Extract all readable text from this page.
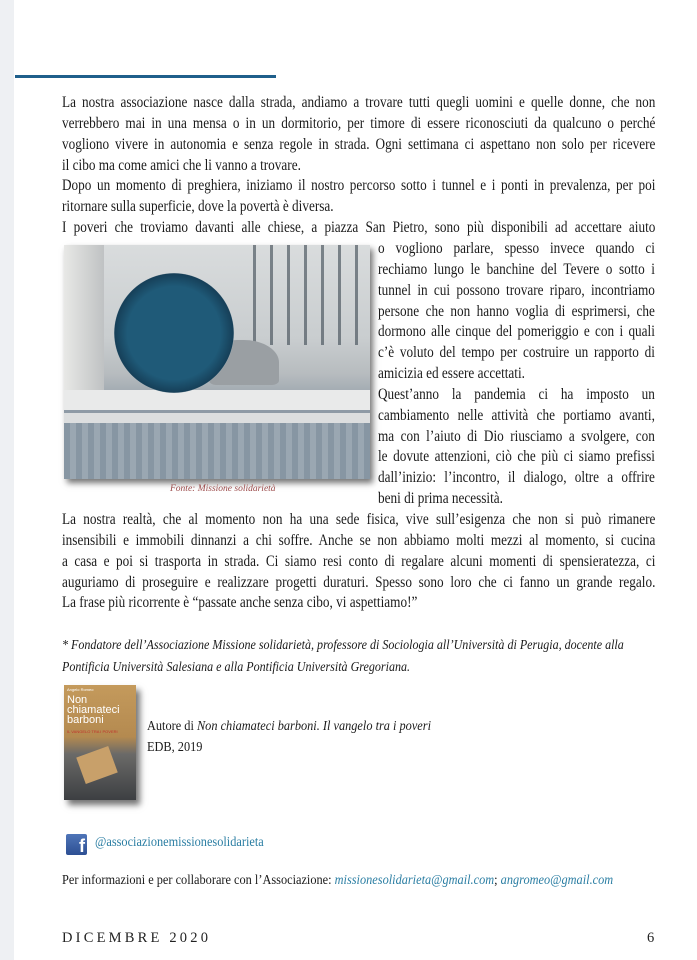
La nostra associazione nasce dalla strada, andiamo a trovare tutti quegli uomini e quelle donne, che non
verrebbero mai in una mensa o in un dormitorio, per timore di essere riconosciuti da qualcuno o perché
vogliono vivere in autonomia e senza regole in strada. Ogni settimana ci aspettano non solo per ricevere
il cibo ma come amici che li vanno a trovare.
Dopo un momento di preghiera, iniziamo il nostro percorso sotto i tunnel e i ponti in prevalenza, per poi
ritornare sulla superficie, dove la povertà è diversa.
I poveri che troviamo davanti alle chiese, a piazza San Pietro, sono più disponibili ad accettare aiuto
o vogliono parlare, spesso invece quando ci
rechiamo lungo le banchine del Tevere o sotto i
tunnel in cui possono trovare riparo, incontriamo
persone che non hanno voglia di esprimersi, che
dormono alle cinque del pomeriggio e con i quali
c’è voluto del tempo per costruire un rapporto di
amicizia ed essere accettati.
Quest’anno la pandemia ci ha imposto un
cambiamento nelle attività che portiamo avanti,
ma con l’aiuto di Dio riusciamo a svolgere, con
le dovute attenzioni, ciò che più ci siamo prefissi
dall’inizio: l’incontro, il dialogo, oltre a offrire
beni di prima necessità.
La nostra realtà, che al momento non ha una sede fisica, vive sull’esigenza che non si può rimanere
insensibili e immobili dinnanzi a chi soffre. Anche se non abbiamo molti mezzi al momento, si cucina
a casa e poi si trasporta in strada. Ci siamo resi conto di regalare alcuni momenti di spensieratezza, ci
auguriamo di proseguire e realizzare progetti duraturi. Spesso sono loro che ci fanno un grande regalo.
La frase più ricorrente è “passate anche senza cibo, vi aspettiamo!”
Fonte: Missione solidarietà
* Fondatore dell’Associazione Missione solidarietà, professore di Sociologia all’Università di Perugia, docente alla
Pontificia Università Salesiana e alla Pontificia Università Gregoriana.
Angelo Romeo
Non
chiamateci
barboni
IL VANGELO TRA I POVERI Autore di Non chiamateci barboni. Il vangelo tra i poveri
EDB, 2019
f @associazionemissionesolidarieta
Per informazioni e per collaborare con l’Associazione: missionesolidarieta@gmail.com; angromeo@gmail.com
DICEMBRE 2020	6
